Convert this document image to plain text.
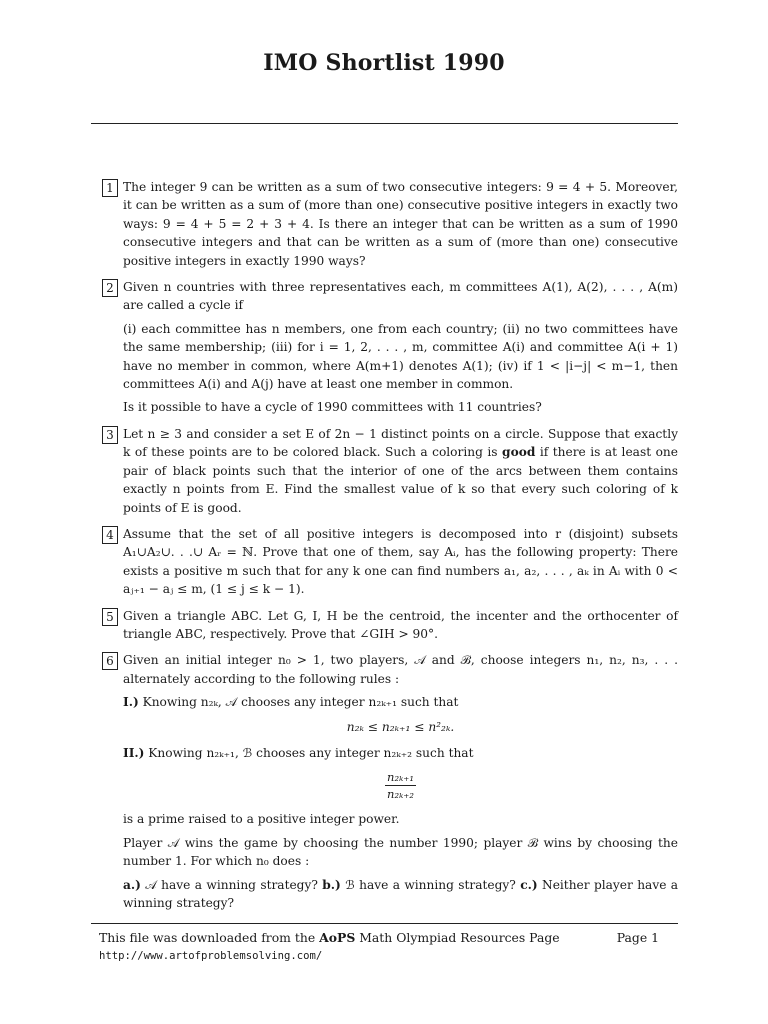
IMO Shortlist 1990
1 The integer 9 can be written as a sum of two consecutive integers: 9 = 4 + 5. Moreover, it can be written as a sum of (more than one) consecutive positive integers in exactly two ways: 9 = 4 + 5 = 2 + 3 + 4. Is there an integer that can be written as a sum of 1990 consecutive integers and that can be written as a sum of (more than one) consecutive positive integers in exactly 1990 ways?

2 Given n countries with three representatives each, m committees A(1), A(2), . . . , A(m) are called a cycle if

(i) each committee has n members, one from each country; (ii) no two committees have the same membership; (iii) for i = 1, 2, . . . , m, committee A(i) and committee A(i + 1) have no member in common, where A(m+1) denotes A(1); (iv) if 1 < |i−j| < m−1, then committees A(i) and A(j) have at least one member in common.

Is it possible to have a cycle of 1990 committees with 11 countries?

3 Let n ≥ 3 and consider a set E of 2n − 1 distinct points on a circle. Suppose that exactly k of these points are to be colored black. Such a coloring is good if there is at least one pair of black points such that the interior of one of the arcs between them contains exactly n points from E. Find the smallest value of k so that every such coloring of k points of E is good.

4 Assume that the set of all positive integers is decomposed into r (disjoint) subsets A₁∪A₂∪. . .∪ Aᵣ = ℕ. Prove that one of them, say Aᵢ, has the following property: There exists a positive m such that for any k one can find numbers a₁, a₂, . . . , aₖ in Aᵢ with 0 < aⱼ₊₁ − aⱼ ≤ m, (1 ≤ j ≤ k − 1).

5 Given a triangle ABC. Let G, I, H be the centroid, the incenter and the orthocenter of triangle ABC, respectively. Prove that ∠GIH > 90°.

6 Given an initial integer n₀ > 1, two players, 𝒜 and ℬ, choose integers n₁, n₂, n₃, . . . alternately according to the following rules :

I.) Knowing n₂ₖ, 𝒜 chooses any integer n₂ₖ₊₁ such that

n₂ₖ ≤ n₂ₖ₊₁ ≤ n²₂ₖ.

II.) Knowing n₂ₖ₊₁, ℬ chooses any integer n₂ₖ₊₂ such that

$\frac{\text{n₂ₖ₊₁}}{\text{n₂ₖ₊₂}}$

is a prime raised to a positive integer power.

Player 𝒜 wins the game by choosing the number 1990; player ℬ wins by choosing the number 1. For which n₀ does :

a.) 𝒜 have a winning strategy? b.) ℬ have a winning strategy? c.) Neither player have a winning strategy?

This file was downloaded from the AoPS Math Olympiad Resources Page	Page 1
http://www.artofproblemsolving.com/
